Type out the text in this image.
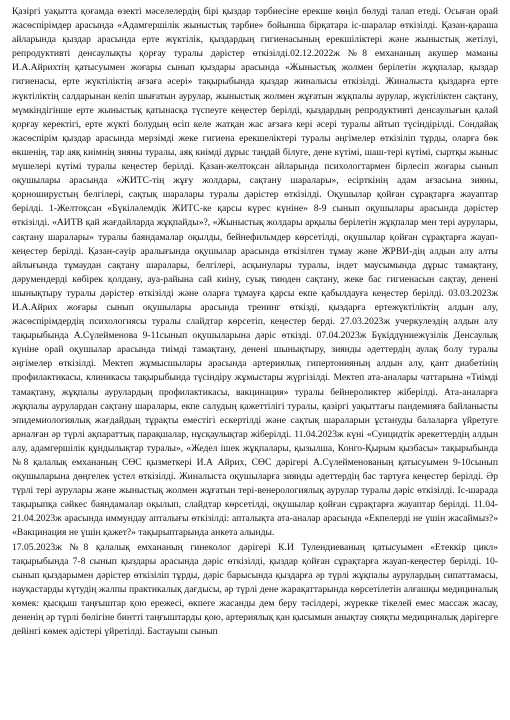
Қазіргі уақытта қоғамда өзекті мәселелердің бірі қыздар тәрбиесіне ерекше көңіл бөлуді талап етеді. Осыған орай жасөспірімдер арасында «Адамгершілік жыныстық тәрбие» бойынша бірқатара іс-шаралар өткізілді. Қазан-қараша айларында қыздар арасында ерте жүктілік, қыздардың гигиенасының ерекшіліктері және жыныстық жетілуі, репродуктивті денсаулықты қорғау туралы дәрістер өткізілді.02.12.2022ж №8 емхананың акушер маманы И.А.Айрихтің қатысуымен жоғары сынып қыздары арасында «Жыныстық жолмен берілетін жұқпалар, қыздар гигиенасы, ерте жүктіліктің ағзаға әсері» тақырыбында қыздар жиналысы өткізілді. Жиналыста қыздарға ерте жүктіліктің салдарынан келіп шығатын аурулар, жыныстық жолмен жұғатын жұқпалы аурулар, жүктіліктен сақтану, мүмкіндігінше ерте жыныстық қатынасқа түспеуге кеңестер берілді, қыздардың репродуктивті денсаулығын қалай қорғау керектігі, ерте жүкті болудың өсіп келе жатқан жас ағзаға кері әсері туралы айтып түсіндірілді. Сондайақ жасөспірім қыздар арасында мерзімді жеке гигиена ерекшеліктері туралы әңгімелер өткізіліп тұрды, оларға бөк өкшенің, тар аяқ киімнің зияны туралы, аяқ киімді дұрыс таңдай білуге, дене күтімі, шаш-тері күтімі, сыртқы жыныс мүшелері күтімі туралы кеңестер берілді. Қазан-желтоқсан айларында психологтармен бірлесіп жоғары сынып оқушылары арасында «ЖИТС-тің жұғу жолдары, сақтану шаралары», есірткінің адам ағзасына зияны, қорноширустың белгілері, сақтық шаралары туралы дәрістер өткізілді. Оқушылар қойған сұрақтарға жауаптар берілді. 1-Желтоқсан «Бүкіләлемдік ЖИТС-ке қарсы күрес күніне» 8-9 сынып оқушылары арасында дәрістер өткізілді. «АИТВ қай жағдайларда жұқпайды»?, «Жыныстық жолдары арқылы берілетін жұқпалар мен тері аурулары, сақтану шаралары» туралы баяндамалар оқылды, бейнефильмдер көрсетілді, оқушылар қойған сұрақтарға жауап-кеңестер берілді. Қазан-сәуір аралығында оқушылар арасында өткізілген тұмау және ЖРВИ-дің алдын алу алты айлығында тұмаудан сақтану шаралары, белгілері, асқынулары туралы, індет маусымында дұрыс тамақтану, дәрумендерді көбірек қолдану, ауа-райына сай киіну, суық тиюден сақтану, жеке бас гигиенасын сақтау, денені шынықтыру туралы дәрістер өткізілді және оларға тұмауға қарсы екпе қабылдауға кеңестер берілді. 03.03.2023ж И.А.Айрих жоғары сынып оқушылары арасында тренинг өткізді, қыздарға ертежүктіліктің алдын алу, жасөспірімдердің психологиясы туралы слайдтар көрсетіп, кеңестер берді. 27.03.2023ж учеркулездің алдын алу тақырыбында А.Сүлейменова 9-11сынып оқушыларына дәріс өткізді. 07.04.2023ж Бүкіддүниежүзілік Денсаулық күніне орай оқушылар арасында тиімді тамақтану, денені шынықтыру, зиянды әдеттердің аулақ болу туралы әңгімелер өткізілді. Мектеп жұмысшылары арасында артериялық гипертонияның алдын алу, қант диабетінің профилактикасы, клиникасы тақырыбында түсіндіру жұмыстары жүргізілді. Мектеп ата-аналары чаттарына «Тиімді тамақтану, жұқпалы аурулардың профилактикасы, вакцинация» туралы бейнероликтер жіберілді. Ата-аналарға жұқпалы аурулардан сақтану шаралары, екпе салудың қажеттілігі туралы, қазіргі уақыттағы пандемияға байланысты эпидемиологиялық жағдайдың тұрақты еместігі ескертілді және сақтық шараларын ұстануды балаларға үйретуге арналған әр түрлі ақпараттық парақшалар, нұсқаулықтар жіберілді. 11.04.2023ж күні «Суицидтік әрекеттердің алдын алу, адамгершілік құндылықтар туралы», «Жедел ішек жұқпалары, қызылша, Конго-Қырым қызбасы» тақырыбында №8 қалалық емхананың СӨС қызметкері И.А Айрих, СӨС дәрігері А.Сүлейменованың қатысуымен 9-10сынып оқушыларына дөңгелек үстел өткізілді. Жиналыста оқушыларға зиянды әдеттердің бас тартуға кеңестер берілді. Әр түрлі тері аурулары және жыныстық жолмен жұғатын тері-венерологиялық аурулар туралы дәріс өткізілді. Іс-шарада тақырыпқа сәйкес баяндамалар оқылып, слайдтар көрсетілді, оқушылар қойған сұрақтарға жауаптар берілді. 11.04-21.04.2023ж арасында иммундау апталығы өткізілді: апталықта ата-аналар арасында «Екпелерді не үшін жасаймыз?» «Вакцинация не үшін қажет?» тақырыптарында анкета алынды.

17.05.2023ж №8 қалалық емхананың гинеколог дәрігері К.И Тулендиеваның қатысуымен «Етеккір цикл» тақырыбында 7-8 сынып қыздары арасында дәріс өткізілді, қыздар қойған сұрақтарға жауап-кеңестер берілді. 10-сынып қыздарымен дәрістер өткізіліп тұрды, дәріс барысында қыздарға әр түрлі жұқпалы аурулардың сипаттамасы, науқастарды күтудің жалпы практикалық дағдысы, әр түрлі дене жарақаттарында көрсетілетін алғашқы медициналық көмек: қысқыш таңғыштар қою ережесі, өкпеге жасанды дем беру тәсілдері, жүрекке тікелей емес массаж жасау, дененің әр түрлі бөлігіне бинтті таңғыштарды қою, артериялық қан қысымын анықтау сияқты медициналық дәрігерге дейінгі көмек әдістері үйретілді. Бастауыш сынып
